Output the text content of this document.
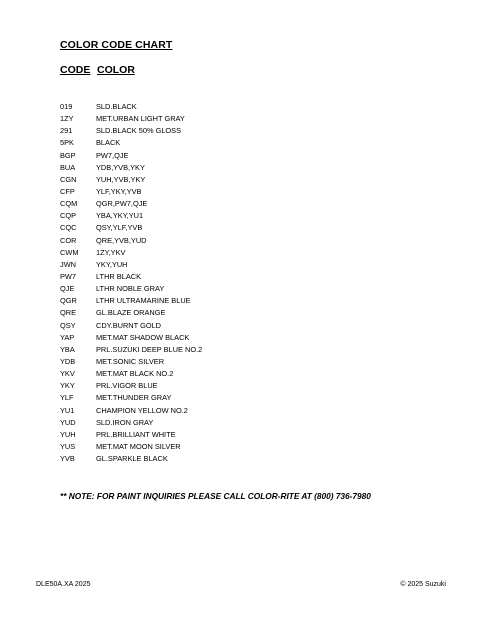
COLOR CODE CHART
CODE COLOR
019	SLD.BLACK
1ZY	MET.URBAN LIGHT GRAY
291	SLD.BLACK 50% GLOSS
5PK	BLACK
BGP	PW7,QJE
BUA	YDB,YVB,YKY
CGN	YUH,YVB,YKY
CFP	YLF,YKY,YVB
CQM	QGR,PW7,QJE
CQP	YBA,YKY,YU1
CQC	QSY,YLF,YVB
COR	QRE,YVB,YUD
CWM 1ZY,YKV
JWN	YKY,YUH
PW7	LTHR BLACK
QJE	LTHR NOBLE GRAY
QGR	LTHR ULTRAMARINE BLUE
QRE	GL.BLAZE ORANGE
QSY	CDY.BURNT GOLD
YAP	MET.MAT SHADOW BLACK
YBA	PRL.SUZUKI DEEP BLUE NO.2
YDB	MET.SONIC SILVER
YKV	MET.MAT BLACK NO.2
YKY	PRL.VIGOR BLUE
YLF	MET.THUNDER GRAY
YU1	CHAMPION YELLOW NO.2
YUD	SLD.IRON GRAY
YUH	PRL.BRILLIANT WHITE
YUS	MET.MAT MOON SILVER
YVB	GL.SPARKLE BLACK
** NOTE: FOR PAINT INQUIRIES PLEASE CALL COLOR-RITE AT (800) 736-7980
DLE50A.XA 2025	© 2025 Suzuki
